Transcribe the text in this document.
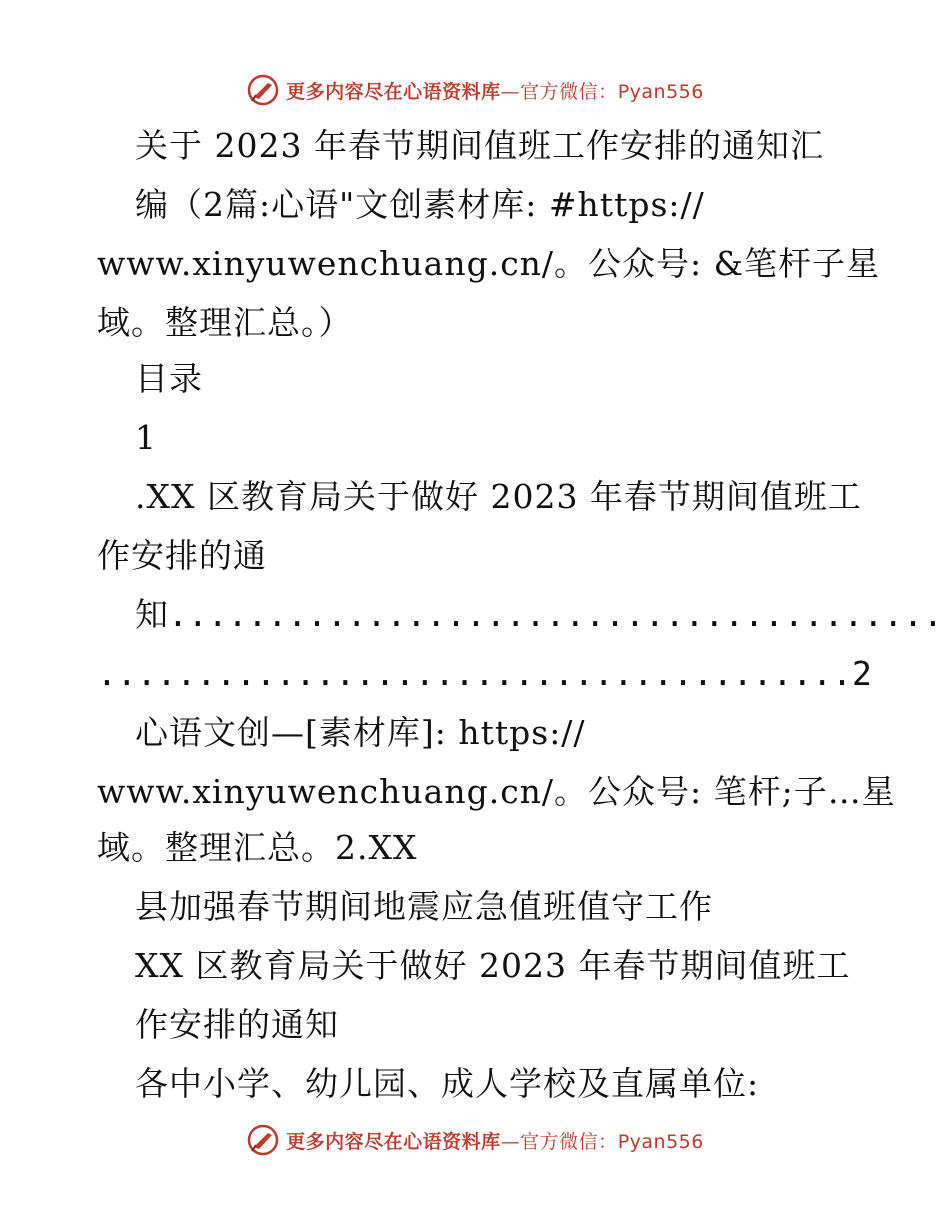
更多内容尽在心语资料库—官方微信：Pyan556
关于 2023 年春节期间值班工作安排的通知汇
编（2篇:心语"文创素材库: #https://
www.xinyuwenchuang.cn/。公众号: &笔杆子星
域。整理汇总。）
目录
1
.XX 区教育局关于做好 2023 年春节期间值班工
作安排的通
知.......................................
......................................2
心语文创—[素材库]: https://
www.xinyuwenchuang.cn/。公众号: 笔杆;子…星
域。整理汇总。2.XX
县加强春节期间地震应急值班值守工作
XX 区教育局关于做好 2023 年春节期间值班工
作安排的通知
各中小学、幼儿园、成人学校及直属单位:
更多内容尽在心语资料库—官方微信：Pyan556
